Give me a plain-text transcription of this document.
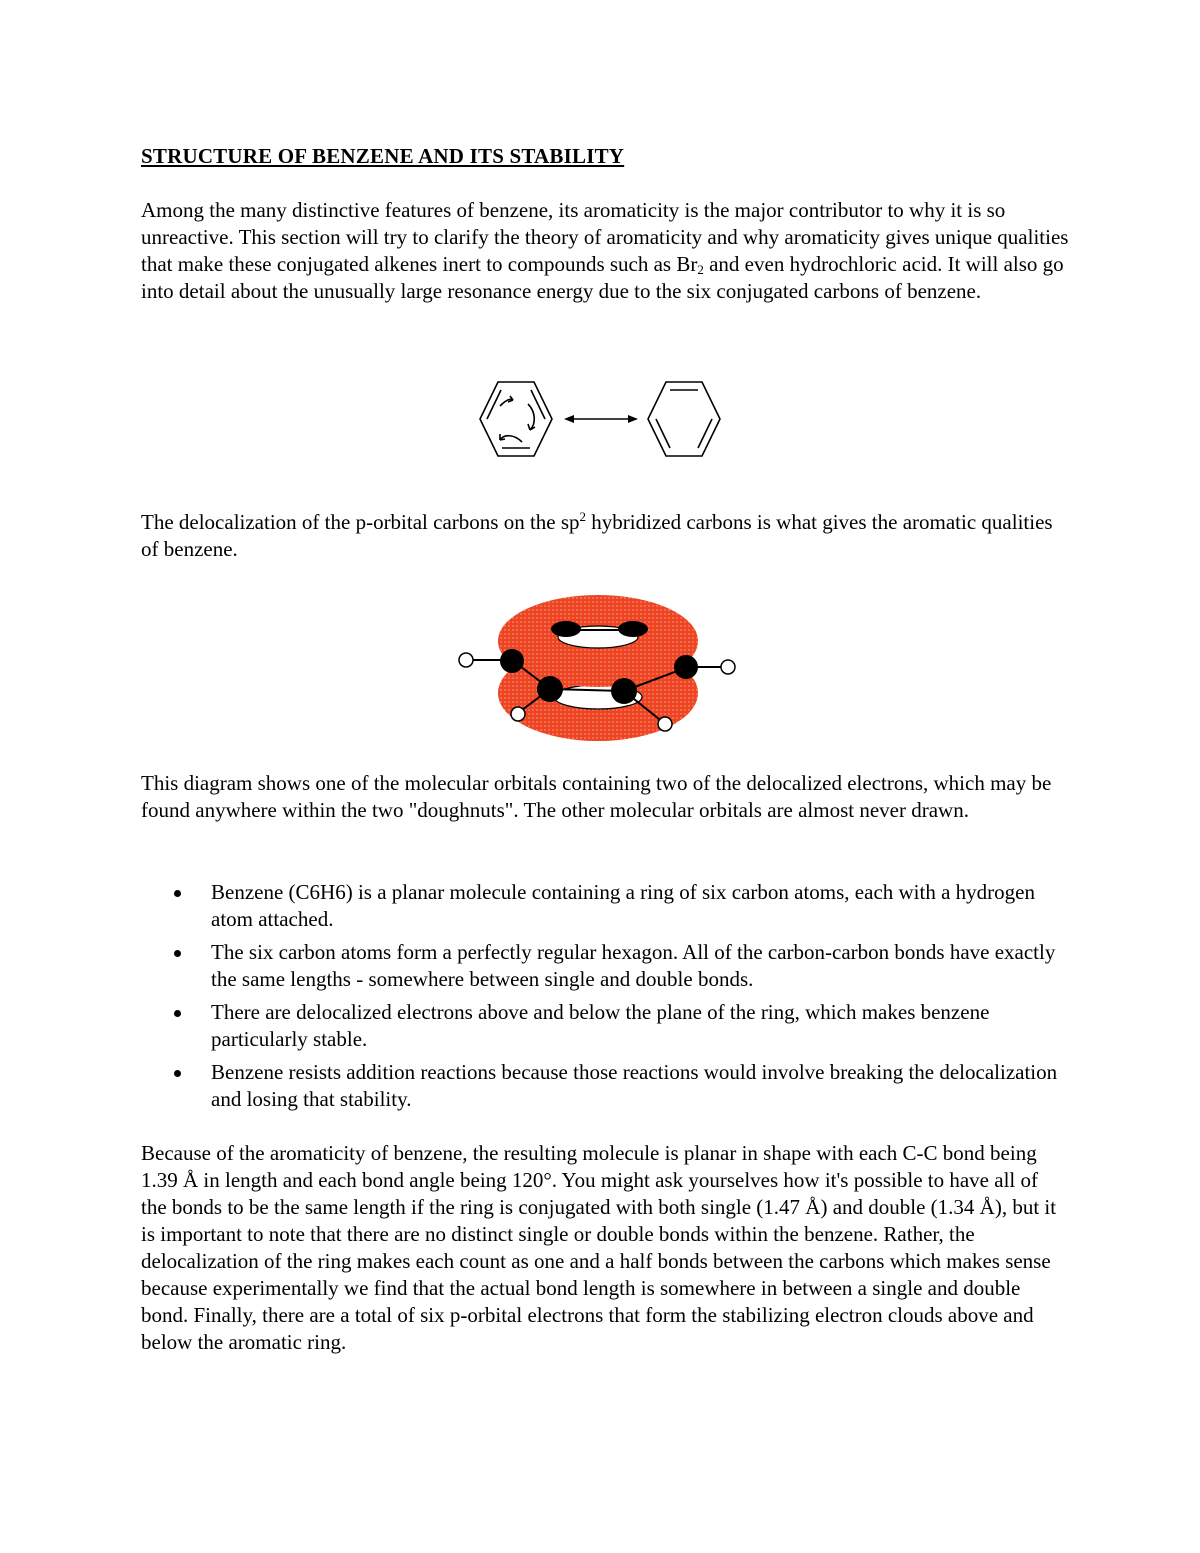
STRUCTURE OF BENZENE AND ITS STABILITY

Among the many distinctive features of benzene, its aromaticity is the major contributor to why it is so unreactive. This section will try to clarify the theory of aromaticity and why aromaticity gives unique qualities that make these conjugated alkenes inert to compounds such as $Br_2$ and even hydrochloric acid. It will also go into detail about the unusually large resonance energy due to the six conjugated carbons of benzene.

The delocalization of the p-orbital carbons on the $sp^2$ hybridized carbons is what gives the aromatic qualities of benzene.

This diagram shows one of the molecular orbitals containing two of the delocalized electrons, which may be found anywhere within the two "doughnuts". The other molecular orbitals are almost never drawn.

Benzene (C6H6) is a planar molecule containing a ring of six carbon atoms, each with a hydrogen atom attached.
The six carbon atoms form a perfectly regular hexagon. All of the carbon-carbon bonds have exactly the same lengths - somewhere between single and double bonds.
There are delocalized electrons above and below the plane of the ring, which makes benzene particularly stable.
Benzene resists addition reactions because those reactions would involve breaking the delocalization and losing that stability.

Because of the aromaticity of benzene, the resulting molecule is planar in shape with each C-C bond being 1.39 Å in length and each bond angle being 120°. You might ask yourselves how it's possible to have all of the bonds to be the same length if the ring is conjugated with both single (1.47 Å) and double (1.34 Å), but it is important to note that there are no distinct single or double bonds within the benzene. Rather, the delocalization of the ring makes each count as one and a half bonds between the carbons which makes sense because experimentally we find that the actual bond length is somewhere in between a single and double bond. Finally, there are a total of six p-orbital electrons that form the stabilizing electron clouds above and below the aromatic ring.
